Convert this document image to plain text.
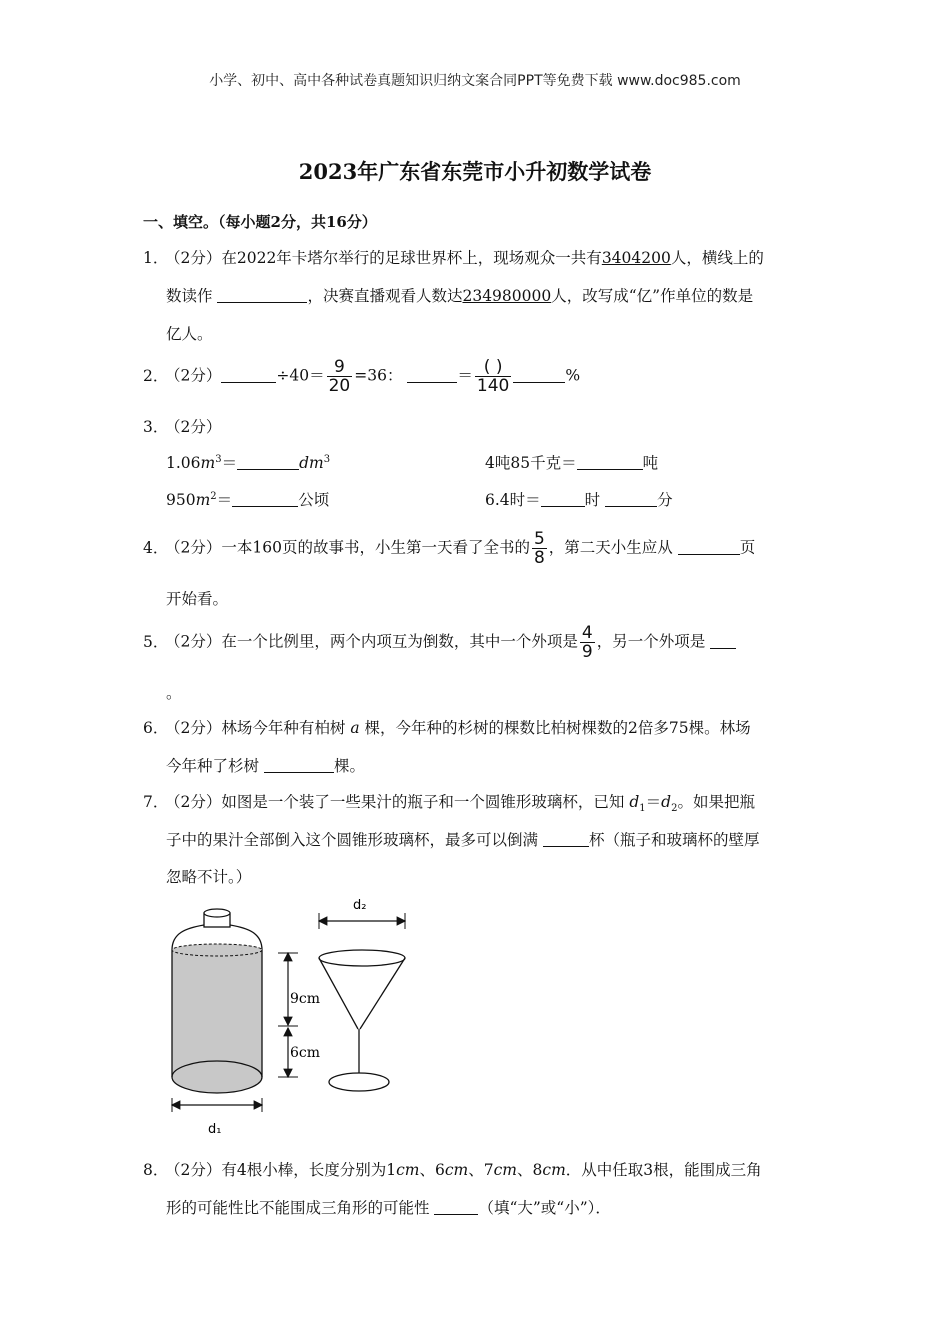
小学、初中、高中各种试卷真题知识归纳文案合同PPT等免费下载 www.doc985.com
2023年广东省东莞市小升初数学试卷
一、填空。（每小题2分，共16分）
1．（2分）在2022年卡塔尔举行的足球世界杯上，现场观众一共有3404200人，横线上的
数读作	，决赛直播观看人数达234980000人，改写成“亿”作单位的数是
亿人。
2．（2分）	$\div 40= \frac{9}{20} =36$：	＝ $\frac{( )}{140}$	%
3．（2分）
$1.06m^3=$	$dm^3$	4吨85千克＝	吨
$950m^2=$	公顷	6.4时＝	时	分
4．（2分）一本160页的故事书，小生第一天看了全书的 $\frac{5}{8}$ ，第二天小生应从	页
开始看。
5．（2分）在一个比例里，两个内项互为倒数，其中一个外项是 $\frac{4}{9}$ ，另一个外项是
。
6．（2分）林场今年种有柏树 a 棵，今年种的杉树的棵数比柏树棵数的2倍多75棵。林场
今年种了杉树	棵。
7．（2分）如图是一个装了一些果汁的瓶子和一个圆锥形玻璃杯，已知 $d_1=d_2$。如果把瓶
子中的果汁全部倒入这个圆锥形玻璃杯，最多可以倒满	杯（瓶子和玻璃杯的壁厚
忽略不计。）
d₁
9cm
6cm
d₂
8．（2分）有4根小棒，长度分别为1cm、6cm、7cm、8cm．从中任取3根，能围成三角
形的可能性比不能围成三角形的可能性	（填“大”或“小”）．
